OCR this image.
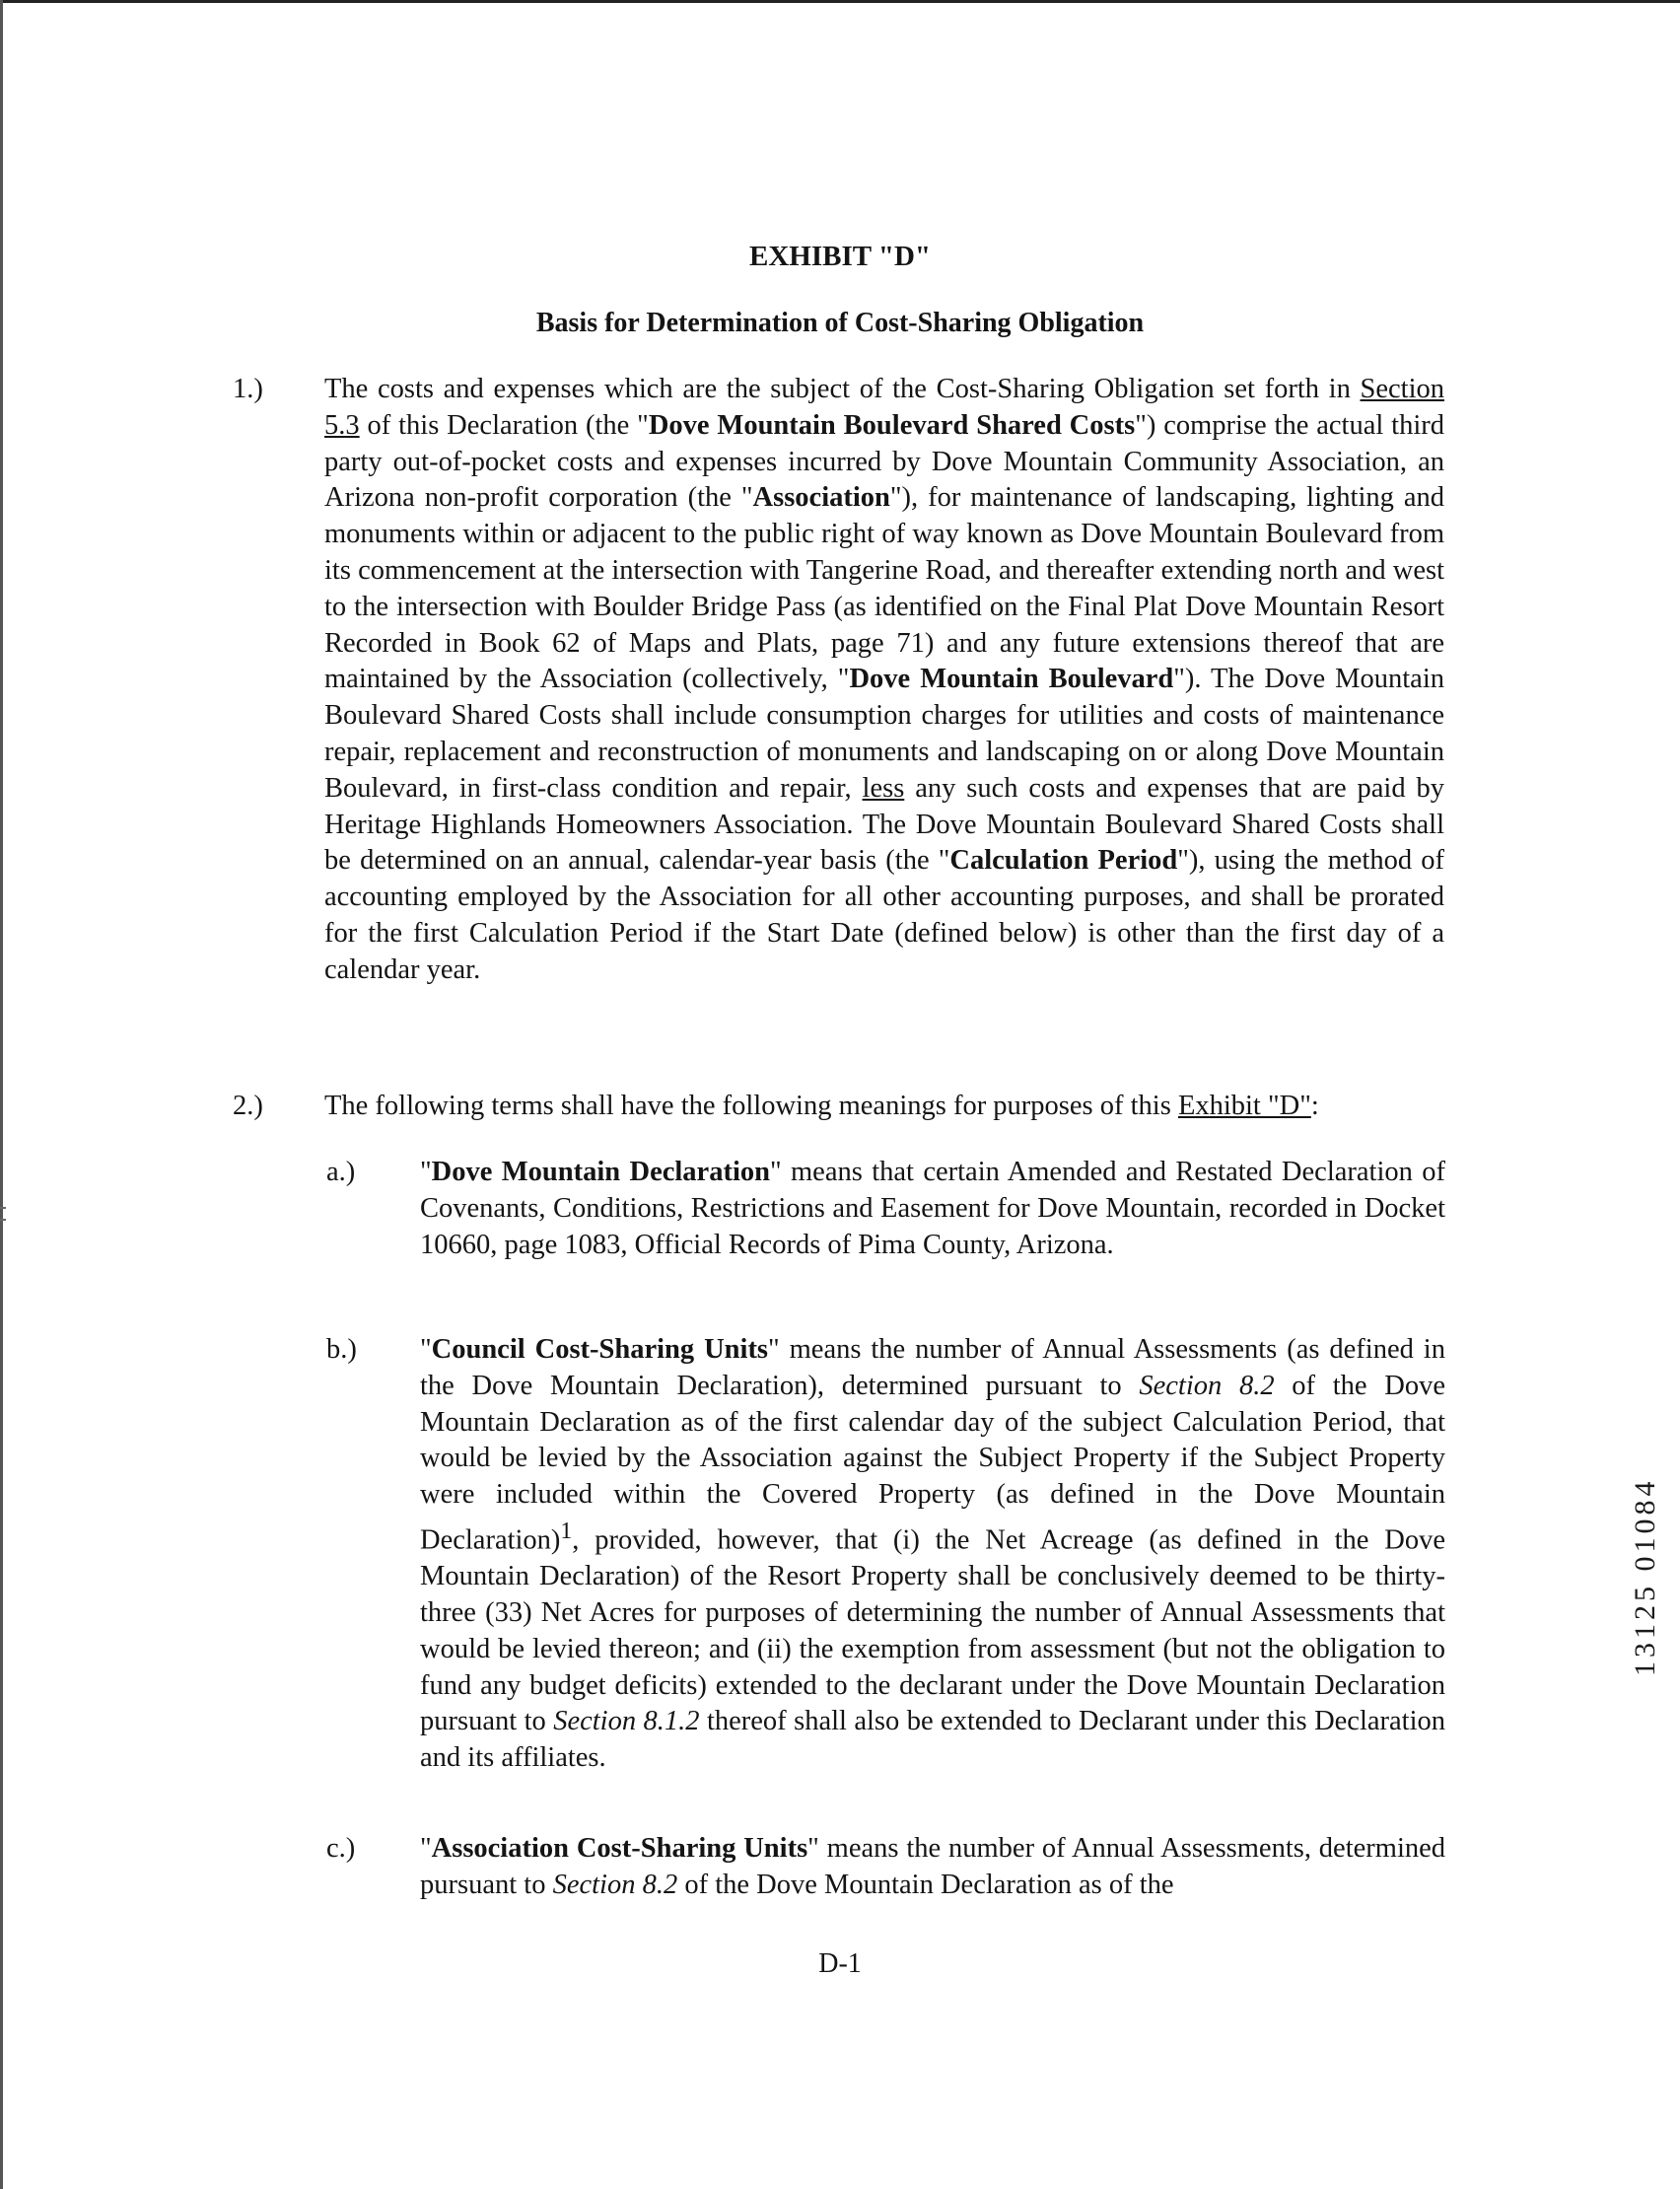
EXHIBIT "D"
Basis for Determination of Cost-Sharing Obligation
1.) The costs and expenses which are the subject of the Cost-Sharing Obligation set forth in Section 5.3 of this Declaration (the "Dove Mountain Boulevard Shared Costs") comprise the actual third party out-of-pocket costs and expenses incurred by Dove Mountain Community Association, an Arizona non-profit corporation (the "Association"), for maintenance of landscaping, lighting and monuments within or adjacent to the public right of way known as Dove Mountain Boulevard from its commencement at the intersection with Tangerine Road, and thereafter extending north and west to the intersection with Boulder Bridge Pass (as identified on the Final Plat Dove Mountain Resort Recorded in Book 62 of Maps and Plats, page 71) and any future extensions thereof that are maintained by the Association (collectively, "Dove Mountain Boulevard"). The Dove Mountain Boulevard Shared Costs shall include consumption charges for utilities and costs of maintenance repair, replacement and reconstruction of monuments and landscaping on or along Dove Mountain Boulevard, in first-class condition and repair, less any such costs and expenses that are paid by Heritage Highlands Homeowners Association. The Dove Mountain Boulevard Shared Costs shall be determined on an annual, calendar-year basis (the "Calculation Period"), using the method of accounting employed by the Association for all other accounting purposes, and shall be prorated for the first Calculation Period if the Start Date (defined below) is other than the first day of a calendar year.

2.) The following terms shall have the following meanings for purposes of this Exhibit "D":

a.) "Dove Mountain Declaration" means that certain Amended and Restated Declaration of Covenants, Conditions, Restrictions and Easement for Dove Mountain, recorded in Docket 10660, page 1083, Official Records of Pima County, Arizona.

b.) "Council Cost-Sharing Units" means the number of Annual Assessments (as defined in the Dove Mountain Declaration), determined pursuant to Section 8.2 of the Dove Mountain Declaration as of the first calendar day of the subject Calculation Period, that would be levied by the Association against the Subject Property if the Subject Property were included within the Covered Property (as defined in the Dove Mountain Declaration)$^1$, provided, however, that (i) the Net Acreage (as defined in the Dove Mountain Declaration) of the Resort Property shall be conclusively deemed to be thirty-three (33) Net Acres for purposes of determining the number of Annual Assessments that would be levied thereon; and (ii) the exemption from assessment (but not the obligation to fund any budget deficits) extended to the declarant under the Dove Mountain Declaration pursuant to Section 8.1.2 thereof shall also be extended to Declarant under this Declaration and its affiliates.

c.) "Association Cost-Sharing Units" means the number of Annual Assessments, determined pursuant to Section 8.2 of the Dove Mountain Declaration as of the

D-1
13125 01084
